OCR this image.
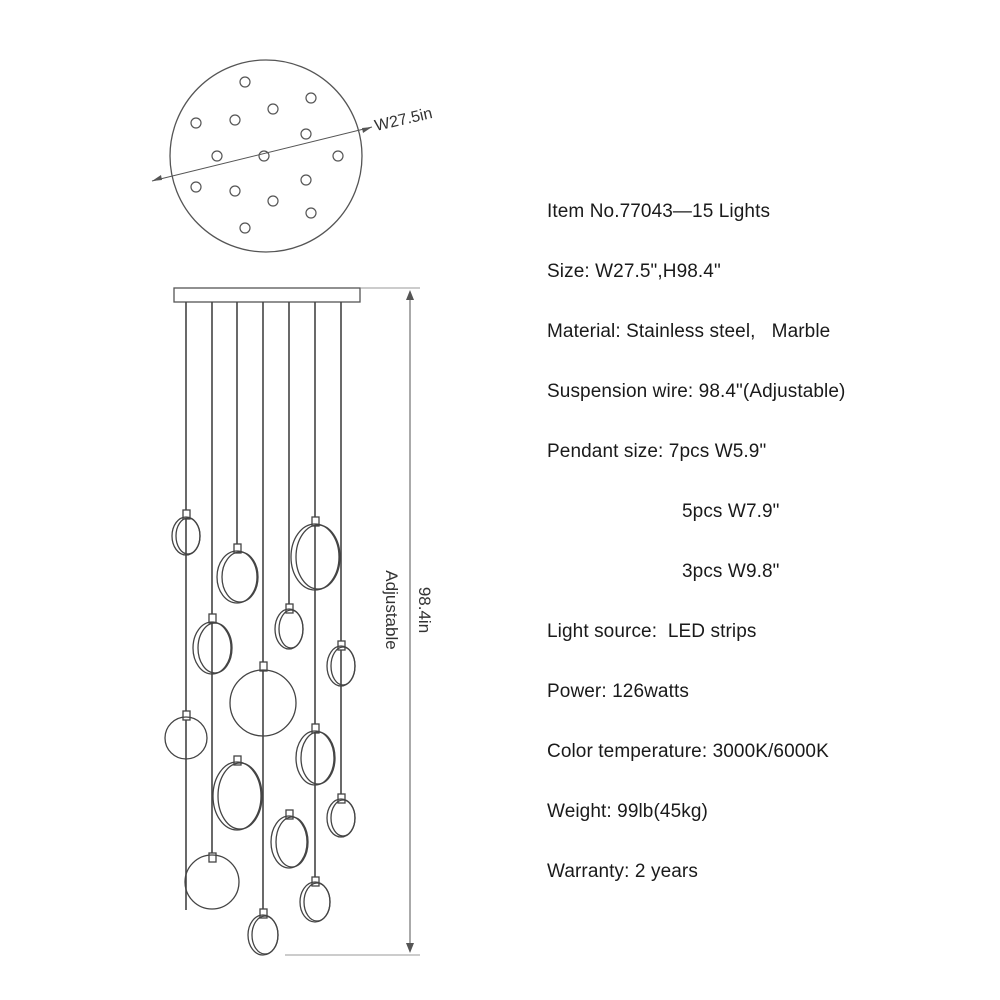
W27.5in
98.4in
Adjustable
Item No.77043—15 Lights
Size: W27.5",H98.4"
Material: Stainless steel,   Marble
Suspension wire: 98.4"(Adjustable)
Pendant size: 7pcs W5.9"
5pcs W7.9"
3pcs W9.8"
Light source:  LED strips
Power: 126watts
Color temperature: 3000K/6000K
Weight: 99lb(45kg)
Warranty: 2 years
